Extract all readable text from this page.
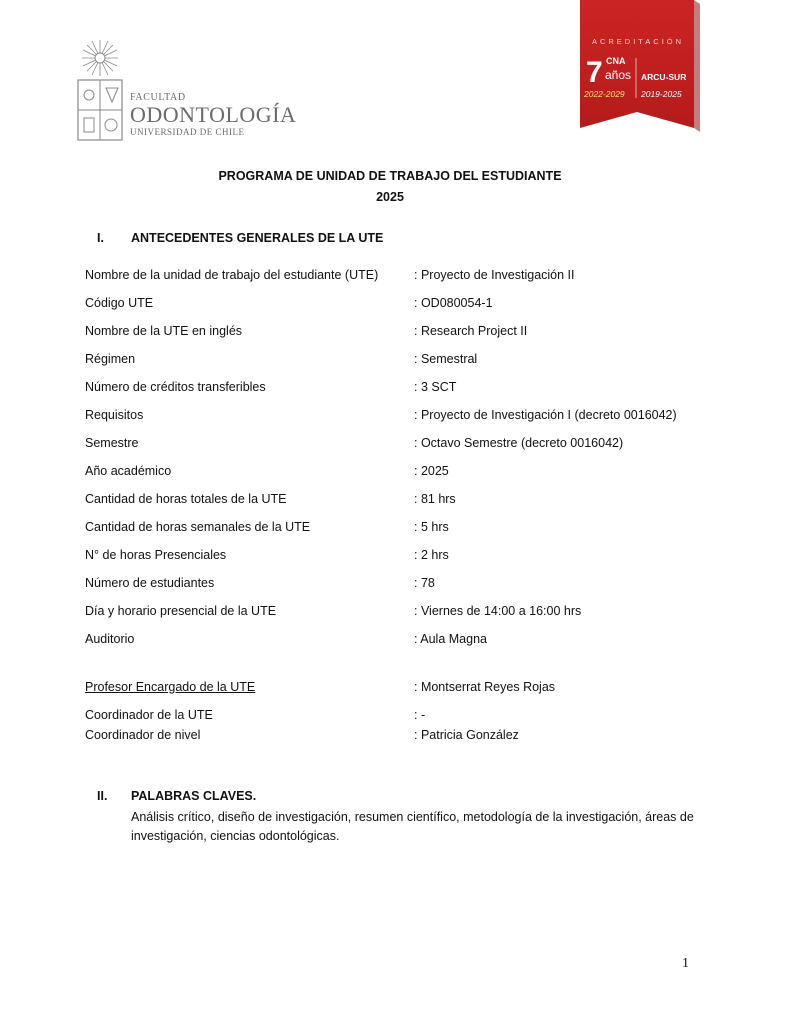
FACULTAD
ODONTOLOGÍA
UNIVERSIDAD DE CHILE
ACREDITACIÓN
7 CNA
años ARCU-SUR
2022-2029 2019-2025
PROGRAMA DE UNIDAD DE TRABAJO DEL ESTUDIANTE
2025
I. ANTECEDENTES GENERALES DE LA UTE
Nombre de la unidad de trabajo del estudiante (UTE)	: Proyecto de Investigación II
Código UTE	: OD080054-1
Nombre de la UTE en inglés	: Research Project II
Régimen	: Semestral
Número de créditos transferibles	: 3 SCT
Requisitos	: Proyecto de Investigación I (decreto 0016042)
Semestre	: Octavo Semestre (decreto 0016042)
Año académico	: 2025
Cantidad de horas totales de la UTE	: 81 hrs
Cantidad de horas semanales de la UTE	: 5 hrs
N° de horas Presenciales	: 2 hrs
Número de estudiantes	: 78
Día y horario presencial de la UTE	: Viernes de 14:00 a 16:00 hrs
Auditorio	: Aula Magna
Profesor Encargado de la UTE	: Montserrat Reyes Rojas
Coordinador de la UTE	: -
Coordinador de nivel	: Patricia González
II. PALABRAS CLAVES.
Análisis crítico, diseño de investigación, resumen científico, metodología de la investigación, áreas de investigación, ciencias odontológicas.
1
